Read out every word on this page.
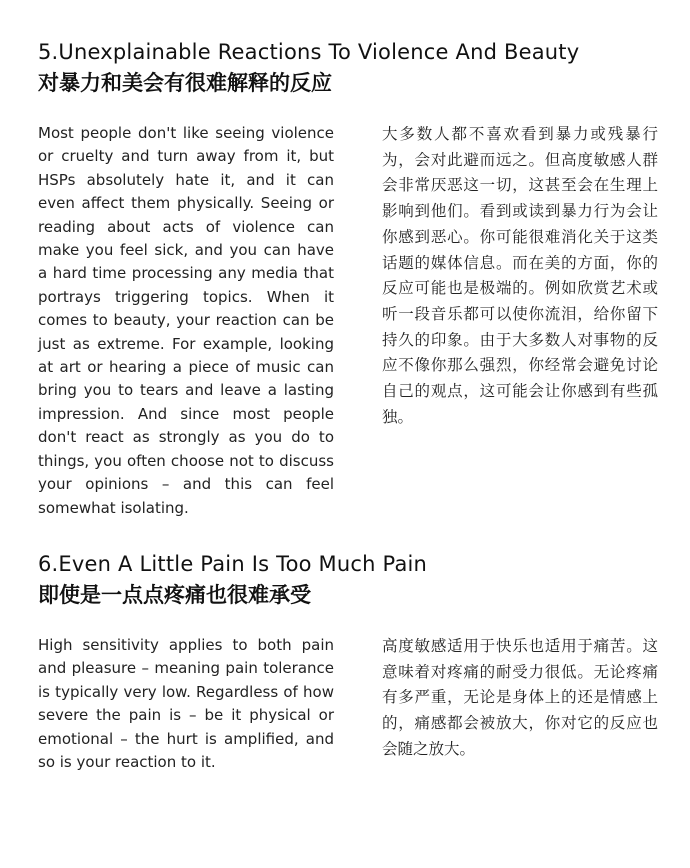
5.Unexplainable Reactions To Violence And Beauty
对暴力和美会有很难解释的反应
Most people don't like seeing violence or cruelty and turn away from it, but HSPs absolutely hate it, and it can even affect them physically. Seeing or reading about acts of violence can make you feel sick, and you can have a hard time processing any media that portrays triggering topics. When it comes to beauty, your reaction can be just as extreme. For example, looking at art or hearing a piece of music can bring you to tears and leave a lasting impression. And since most people don't react as strongly as you do to things, you often choose not to discuss your opinions – and this can feel somewhat isolating.
大多数人都不喜欢看到暴力或残暴行为，会对此避而远之。但高度敏感人群会非常厌恶这一切，这甚至会在生理上影响到他们。看到或读到暴力行为会让你感到恶心。你可能很难消化关于这类话题的媒体信息。而在美的方面，你的反应可能也是极端的。例如欣赏艺术或听一段音乐都可以使你流泪，给你留下持久的印象。由于大多数人对事物的反应不像你那么强烈，你经常会避免讨论自己的观点，这可能会让你感到有些孤独。
6.Even A Little Pain Is Too Much Pain
即使是一点点疼痛也很难承受
High sensitivity applies to both pain and pleasure – meaning pain tolerance is typically very low. Regardless of how severe the pain is – be it physical or emotional – the hurt is amplified, and so is your reaction to it.
高度敏感适用于快乐也适用于痛苦。这意味着对疼痛的耐受力很低。无论疼痛有多严重，无论是身体上的还是情感上的，痛感都会被放大，你对它的反应也会随之放大。
